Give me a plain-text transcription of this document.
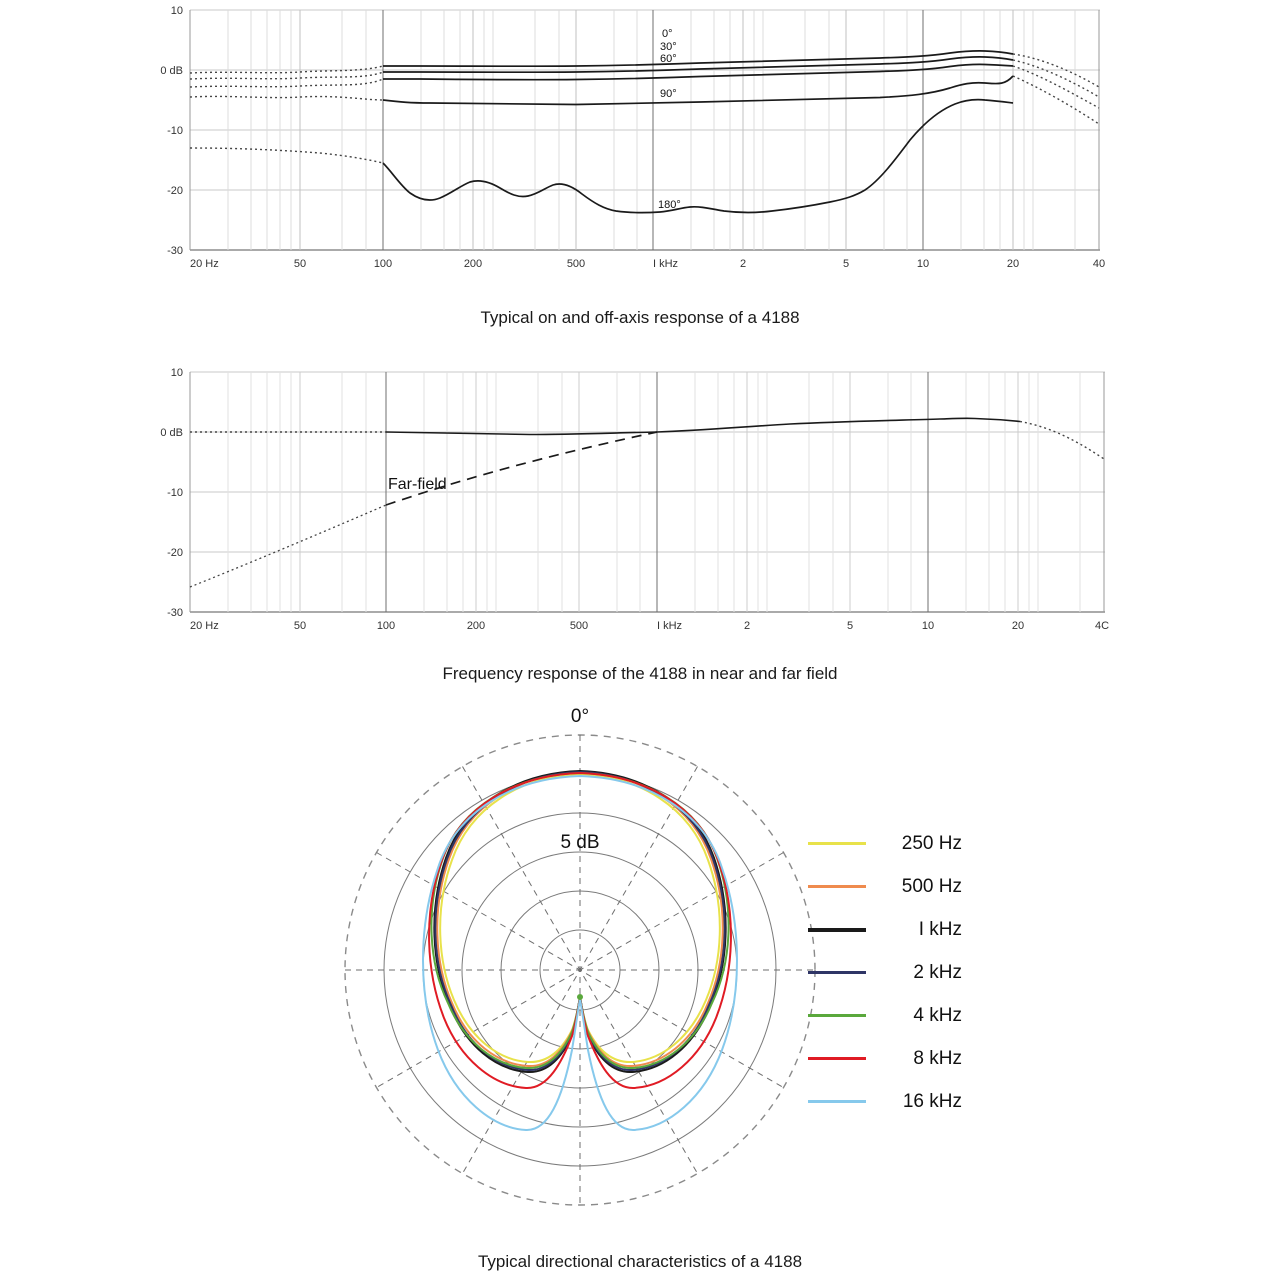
0°
30°
60°
90°
180°
10
0 dB
-10
-20
-30
20 Hz	50	100	200	500	I kHz	2	5	10	20	40
Typical on and off-axis response of a 4188
Far-field
10
0 dB
-10
-20
-30
20 Hz	50	100	200	500	I kHz	2	5	10	20	4C
Frequency response of the 4188 in near and far field
0°
5 dB
Typical directional characteristics of a 4188
250 Hz
500 Hz
I kHz
2 kHz
4 kHz
8 kHz
16 kHz
